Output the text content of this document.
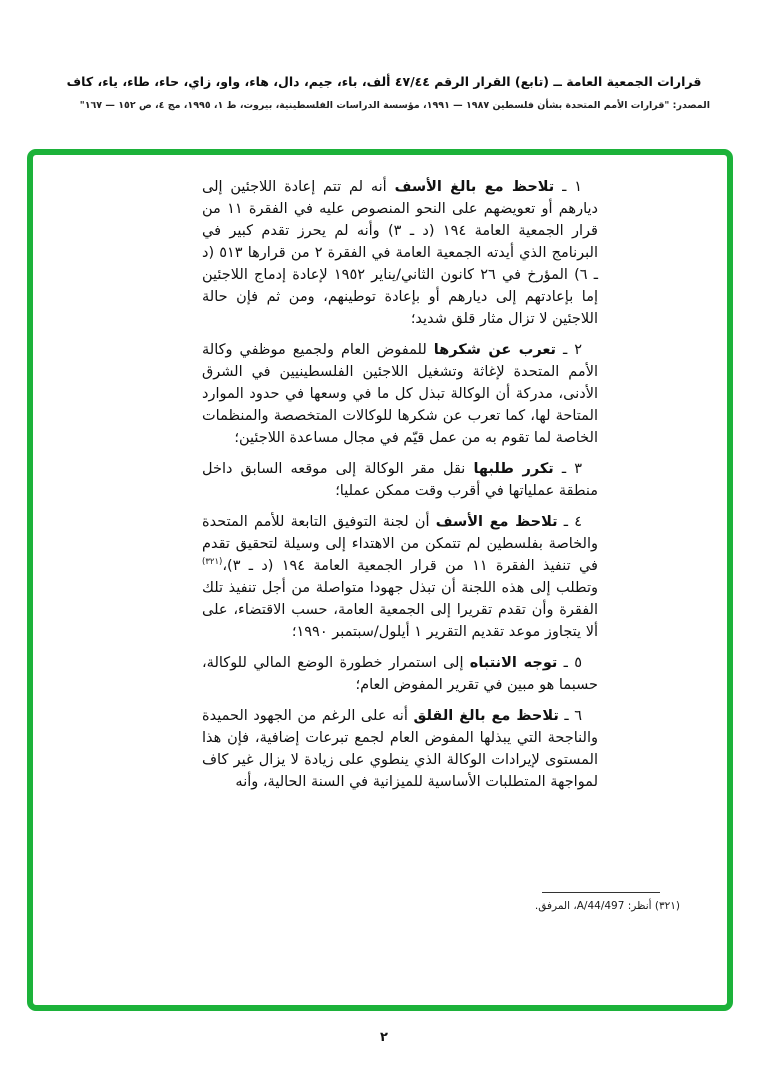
قرارات الجمعية العامة ــ (تابع) القرار الرقم ٤٧/٤٤ ألف، باء، جيم، دال، هاء، واو، زاي، حاء، طاء، ياء، كاف
المصدر: "قرارات الأمم المتحدة بشأن فلسطين ١٩٨٧ — ١٩٩١، مؤسسة الدراسات الفلسطينية، بيروت، ط ١، ١٩٩٥، مج ٤، ص ١٥٢ — ١٦٧"

١ ـ تلاحظ مع بالغ الأسف أنه لم تتم إعادة اللاجئين إلى ديارهم أو تعويضهم على النحو المنصوص عليه في الفقرة ١١ من قرار الجمعية العامة ١٩٤ (د ـ ٣) وأنه لم يحرز تقدم كبير في البرنامج الذي أيدته الجمعية العامة في الفقرة ٢ من قرارها ٥١٣ (د ـ ٦) المؤرخ في ٢٦ كانون الثاني/يناير ١٩٥٢ لإعادة إدماج اللاجئين إما بإعادتهم إلى ديارهم أو بإعادة توطينهم، ومن ثم فإن حالة اللاجئين لا تزال مثار قلق شديد؛

٢ ـ تعرب عن شكرها للمفوض العام ولجميع موظفي وكالة الأمم المتحدة لإغاثة وتشغيل اللاجئين الفلسطينيين في الشرق الأدنى، مدركة أن الوكالة تبذل كل ما في وسعها في حدود الموارد المتاحة لها، كما تعرب عن شكرها للوكالات المتخصصة والمنظمات الخاصة لما تقوم به من عمل قيّم في مجال مساعدة اللاجئين؛

٣ ـ تكرر طلبها نقل مقر الوكالة إلى موقعه السابق داخل منطقة عملياتها في أقرب وقت ممكن عمليا؛

٤ ـ تلاحظ مع الأسف أن لجنة التوفيق التابعة للأمم المتحدة والخاصة بفلسطين لم تتمكن من الاهتداء إلى وسيلة لتحقيق تقدم في تنفيذ الفقرة ١١ من قرار الجمعية العامة ١٩٤ (د ـ ٣)،$^{(٣٢١)}$ وتطلب إلى هذه اللجنة أن تبذل جهودا متواصلة من أجل تنفيذ تلك الفقرة وأن تقدم تقريرا إلى الجمعية العامة، حسب الاقتضاء، على ألا يتجاوز موعد تقديم التقرير ١ أيلول/سبتمبر ١٩٩٠؛

٥ ـ توجه الانتباه إلى استمرار خطورة الوضع المالي للوكالة، حسبما هو مبين في تقرير المفوض العام؛

٦ ـ تلاحظ مع بالغ القلق أنه على الرغم من الجهود الحميدة والناجحة التي يبذلها المفوض العام لجمع تبرعات إضافية، فإن هذا المستوى لإيرادات الوكالة الذي ينطوي على زيادة لا يزال غير كاف لمواجهة المتطلبات الأساسية للميزانية في السنة الحالية، وأنه

(٣٢١) أنظر: A/44/497، المرفق.
٢
